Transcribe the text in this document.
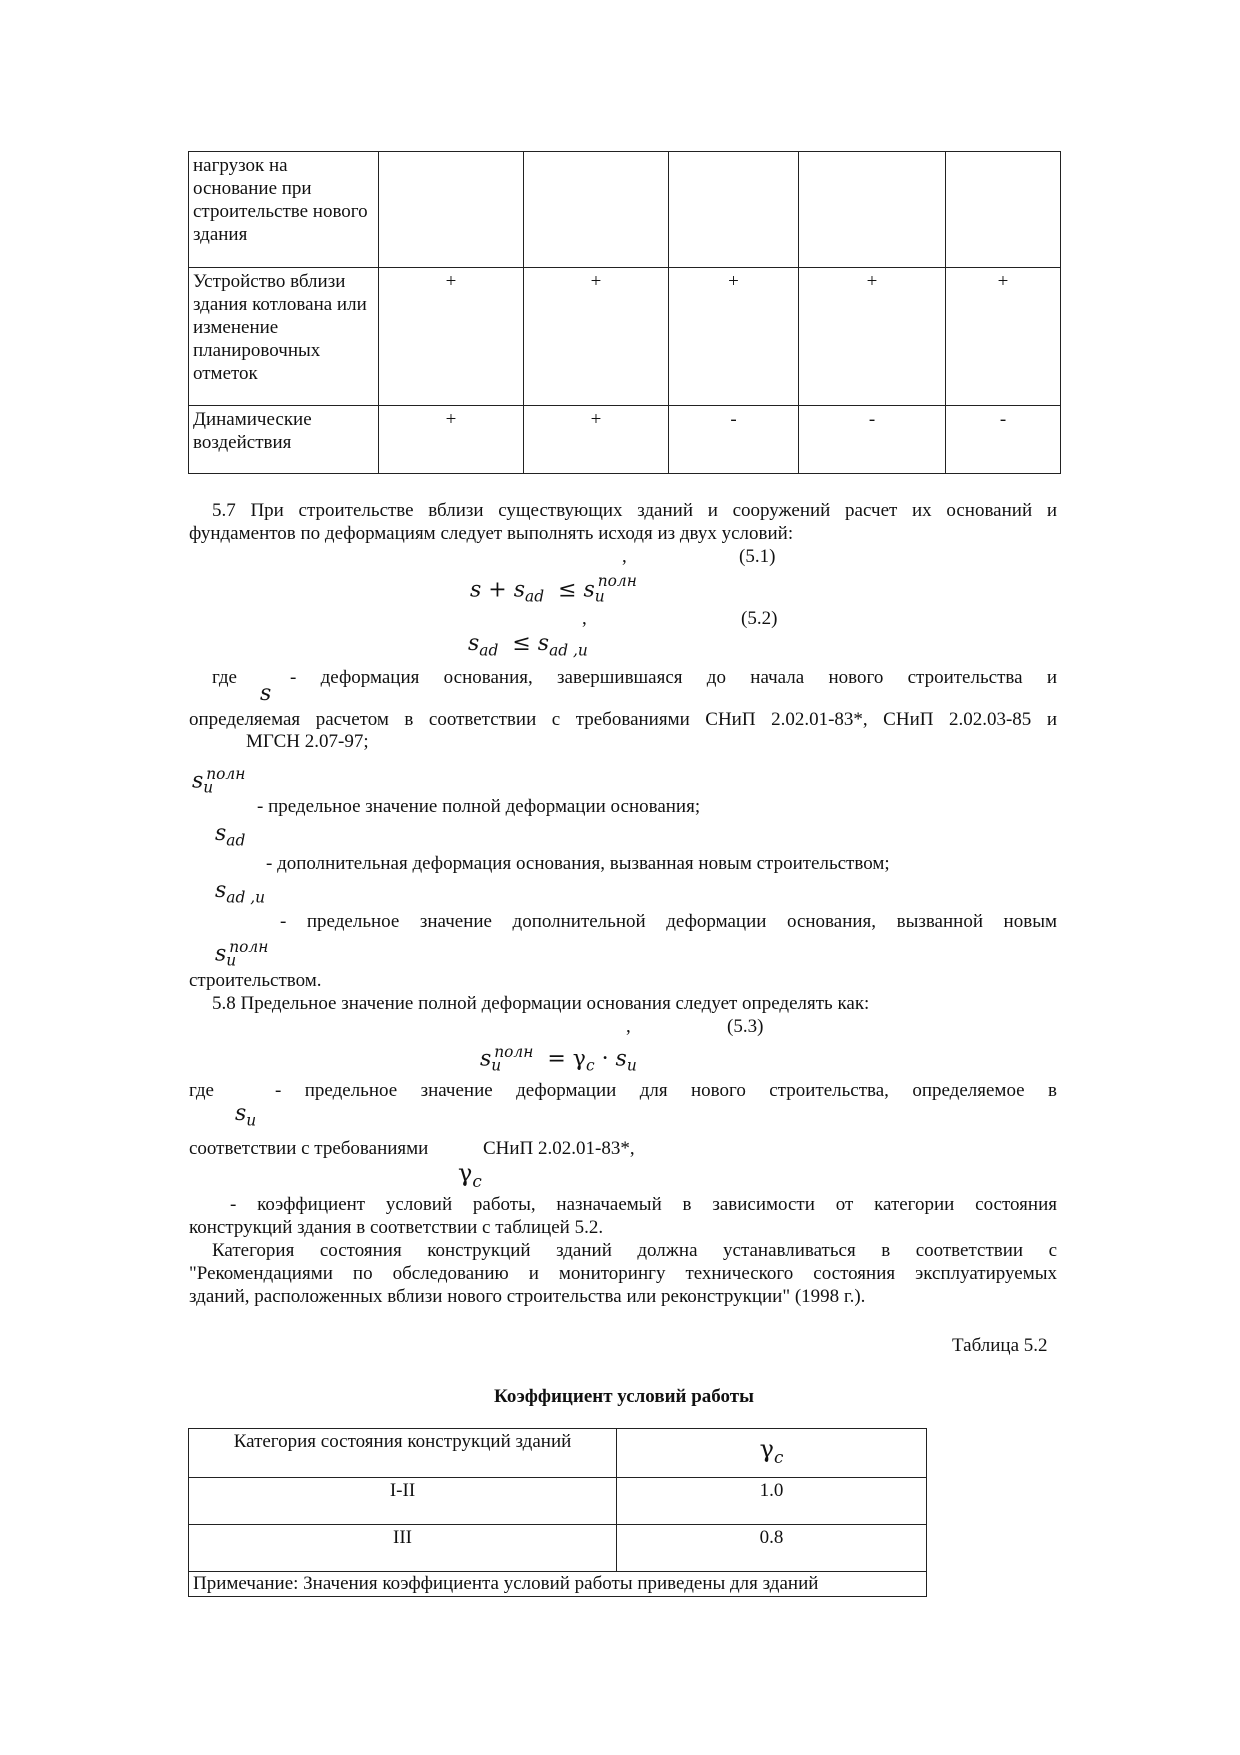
нагрузок на основание при строительстве нового здания					
Устройство вблизи здания котлована или изменение планировочных отметок	+	+	+	+	+
Динамические воздействия	+	+	-	-	-
5.7 При строительстве вблизи существующих зданий и сооружений расчет их оснований и
фундаментов по деформациям следует выполнять исходя из двух условий:
,	(5.1)
$s + s_{ad} \le s_u^{полн}$
,	(5.2)
$s_{ad} \le s_{ad ,u}$
где
s
- деформация основания, завершившаяся до начала нового строительства и
определяемая расчетом в соответствии с требованиями СНиП 2.02.01-83*, СНиП 2.02.03-85 и
МГСН 2.07-97;
$s_u^{полн}$
- предельное значение полной деформации основания;
$s_{ad}$
- дополнительная деформация основания, вызванная новым строительством;
$s_{ad ,u}$
- предельное значение дополнительной деформации основания, вызванной новым
$s_u^{полн}$
строительством.
5.8 Предельное значение полной деформации основания следует определять как:
,	(5.3)
$s_u^{полн} = \gamma_c \cdot s_u$
где	- предельное значение деформации для нового строительства, определяемое в
$s_u$
соответствии с требованиями	СНиП 2.02.01-83*,
$\gamma_c$
- коэффициент условий работы, назначаемый в зависимости от категории состояния
конструкций здания в соответствии с таблицей 5.2.
Категория состояния конструкций зданий должна устанавливаться в соответствии с
"Рекомендациями по обследованию и мониторингу технического состояния эксплуатируемых
зданий, расположенных вблизи нового строительства или реконструкции" (1998 г.).
Таблица 5.2
Коэффициент условий работы
Категория состояния конструкций зданий	$\gamma_c$
I-II	1.0
III	0.8
Примечание: Значения коэффициента условий работы приведены для зданий	
